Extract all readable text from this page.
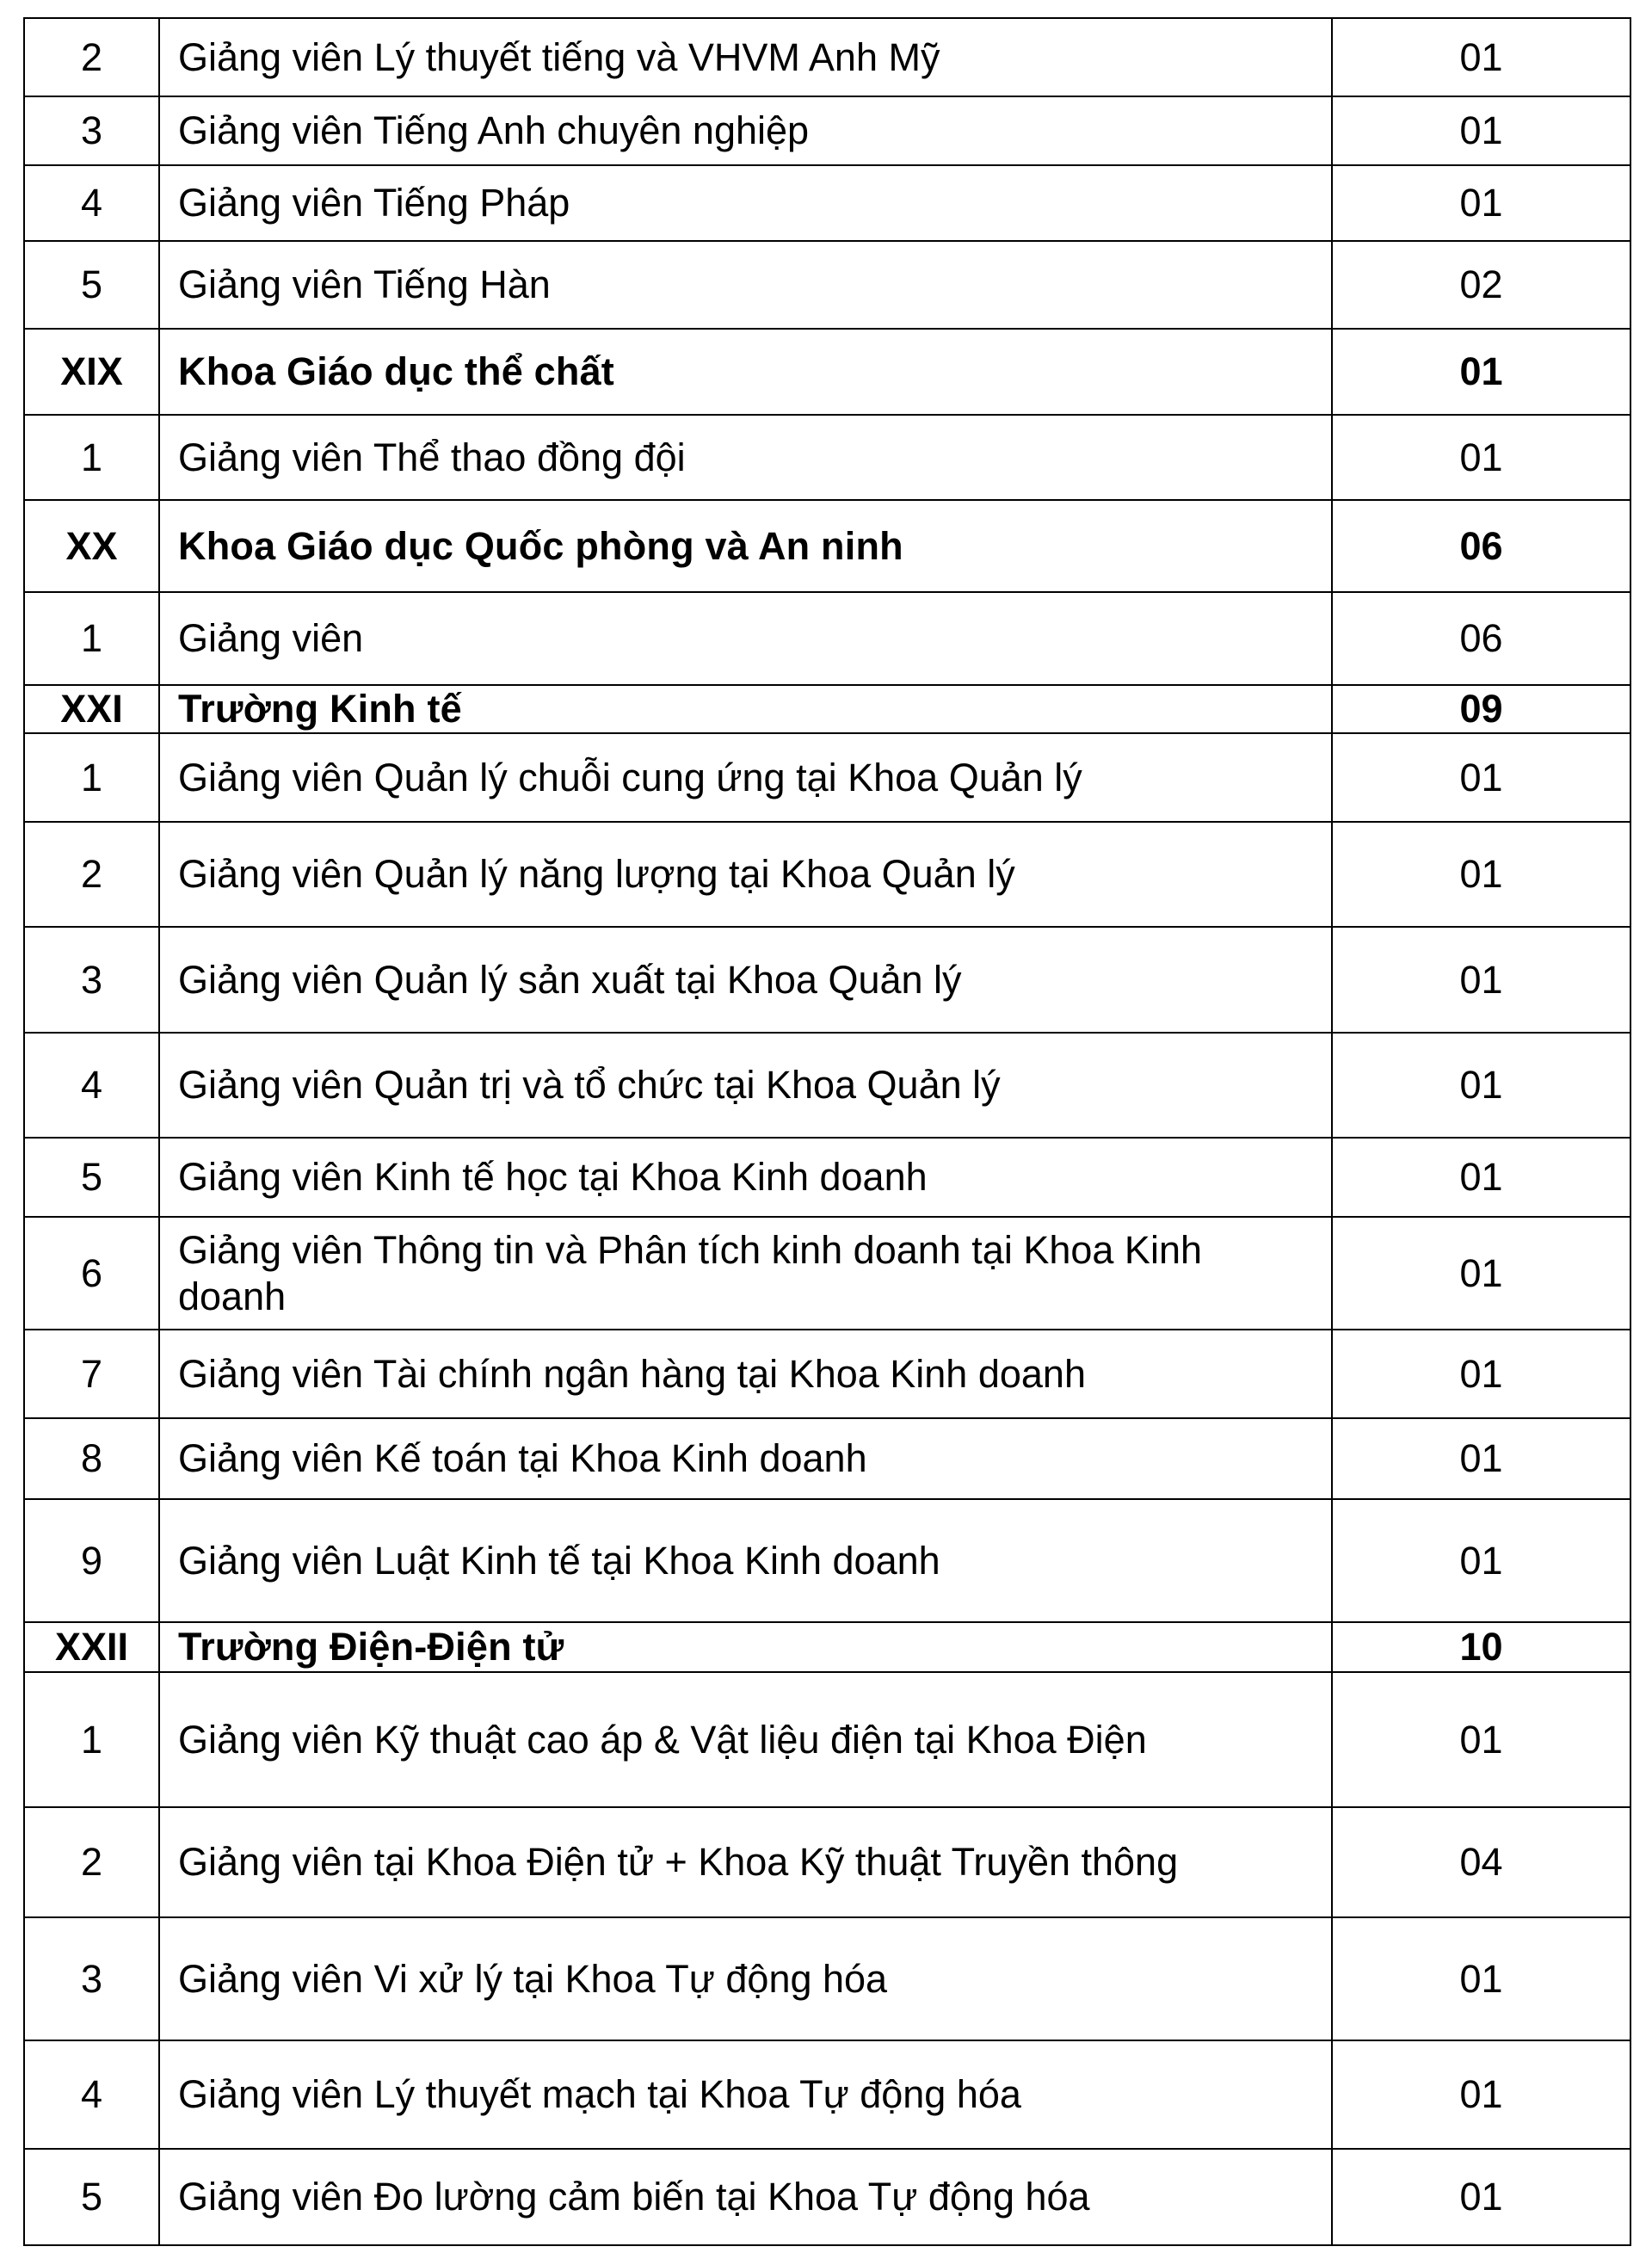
2	Giảng viên Lý thuyết tiếng và VHVM Anh Mỹ	01
3	Giảng viên Tiếng Anh chuyên nghiệp	01
4	Giảng viên Tiếng Pháp	01
5	Giảng viên Tiếng Hàn	02
XIX	Khoa Giáo dục thể chất	01
1	Giảng viên Thể thao đồng đội	01
XX	Khoa Giáo dục Quốc phòng và An ninh	06
1	Giảng viên	06
XXI	Trường Kinh tế	09
1	Giảng viên Quản lý chuỗi cung ứng tại Khoa Quản lý	01
2	Giảng viên Quản lý năng lượng tại Khoa Quản lý	01
3	Giảng viên Quản lý sản xuất tại Khoa Quản lý	01
4	Giảng viên Quản trị và tổ chức tại Khoa Quản lý	01
5	Giảng viên Kinh tế học tại Khoa Kinh doanh	01
6	Giảng viên Thông tin và Phân tích kinh doanh tại Khoa Kinh doanh	01
7	Giảng viên Tài chính ngân hàng tại Khoa Kinh doanh	01
8	Giảng viên Kế toán tại Khoa Kinh doanh	01
9	Giảng viên Luật Kinh tế tại Khoa Kinh doanh	01
XXII	Trường Điện-Điện tử	10
1	Giảng viên Kỹ thuật cao áp & Vật liệu điện tại Khoa Điện	01
2	Giảng viên tại Khoa Điện tử + Khoa Kỹ thuật Truyền thông	04
3	Giảng viên Vi xử lý tại Khoa Tự động hóa	01
4	Giảng viên Lý thuyết mạch tại Khoa Tự động hóa	01
5	Giảng viên Đo lường cảm biến tại Khoa Tự động hóa	01
